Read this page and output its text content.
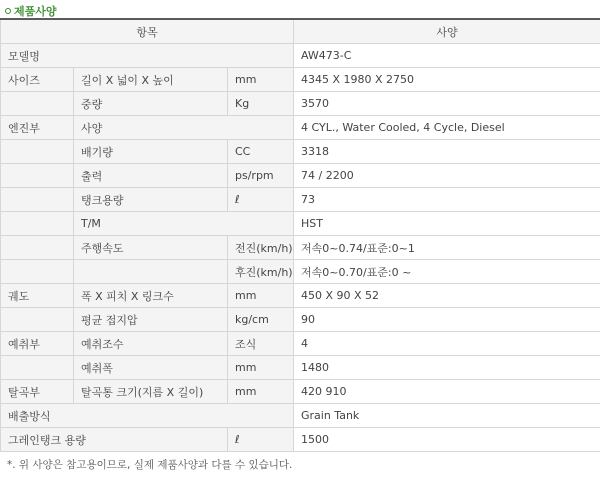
제품사양
항목			사양
모델명			AW473-C
사이즈	길이 X 넓이 X 높이	mm	4345 X 1980 X 2750
	중량	Kg	3570
엔진부	사양		4 CYL., Water Cooled, 4 Cycle, Diesel
	배기량	CC	3318
	출력	ps/rpm	74 / 2200
	탱크용량	ℓ	73
	T/M		HST
	주행속도	전진(km/h)	저속0~0.74/표준:0~1
		후진(km/h)	저속0~0.70/표준:0 ~
궤도	폭 X 피치 X 링크수	mm	450 X 90 X 52
	평균 접지압	kg/cm	90
예취부	예취조수	조식	4
	예취폭	mm	1480
탈곡부	탈곡통 크기(지름 X 길이)	mm	420 910
배출방식			Grain Tank
그레인탱크 용량		ℓ	1500
*. 위 사양은 참고용이므로, 실제 제품사양과 다를 수 있습니다.
